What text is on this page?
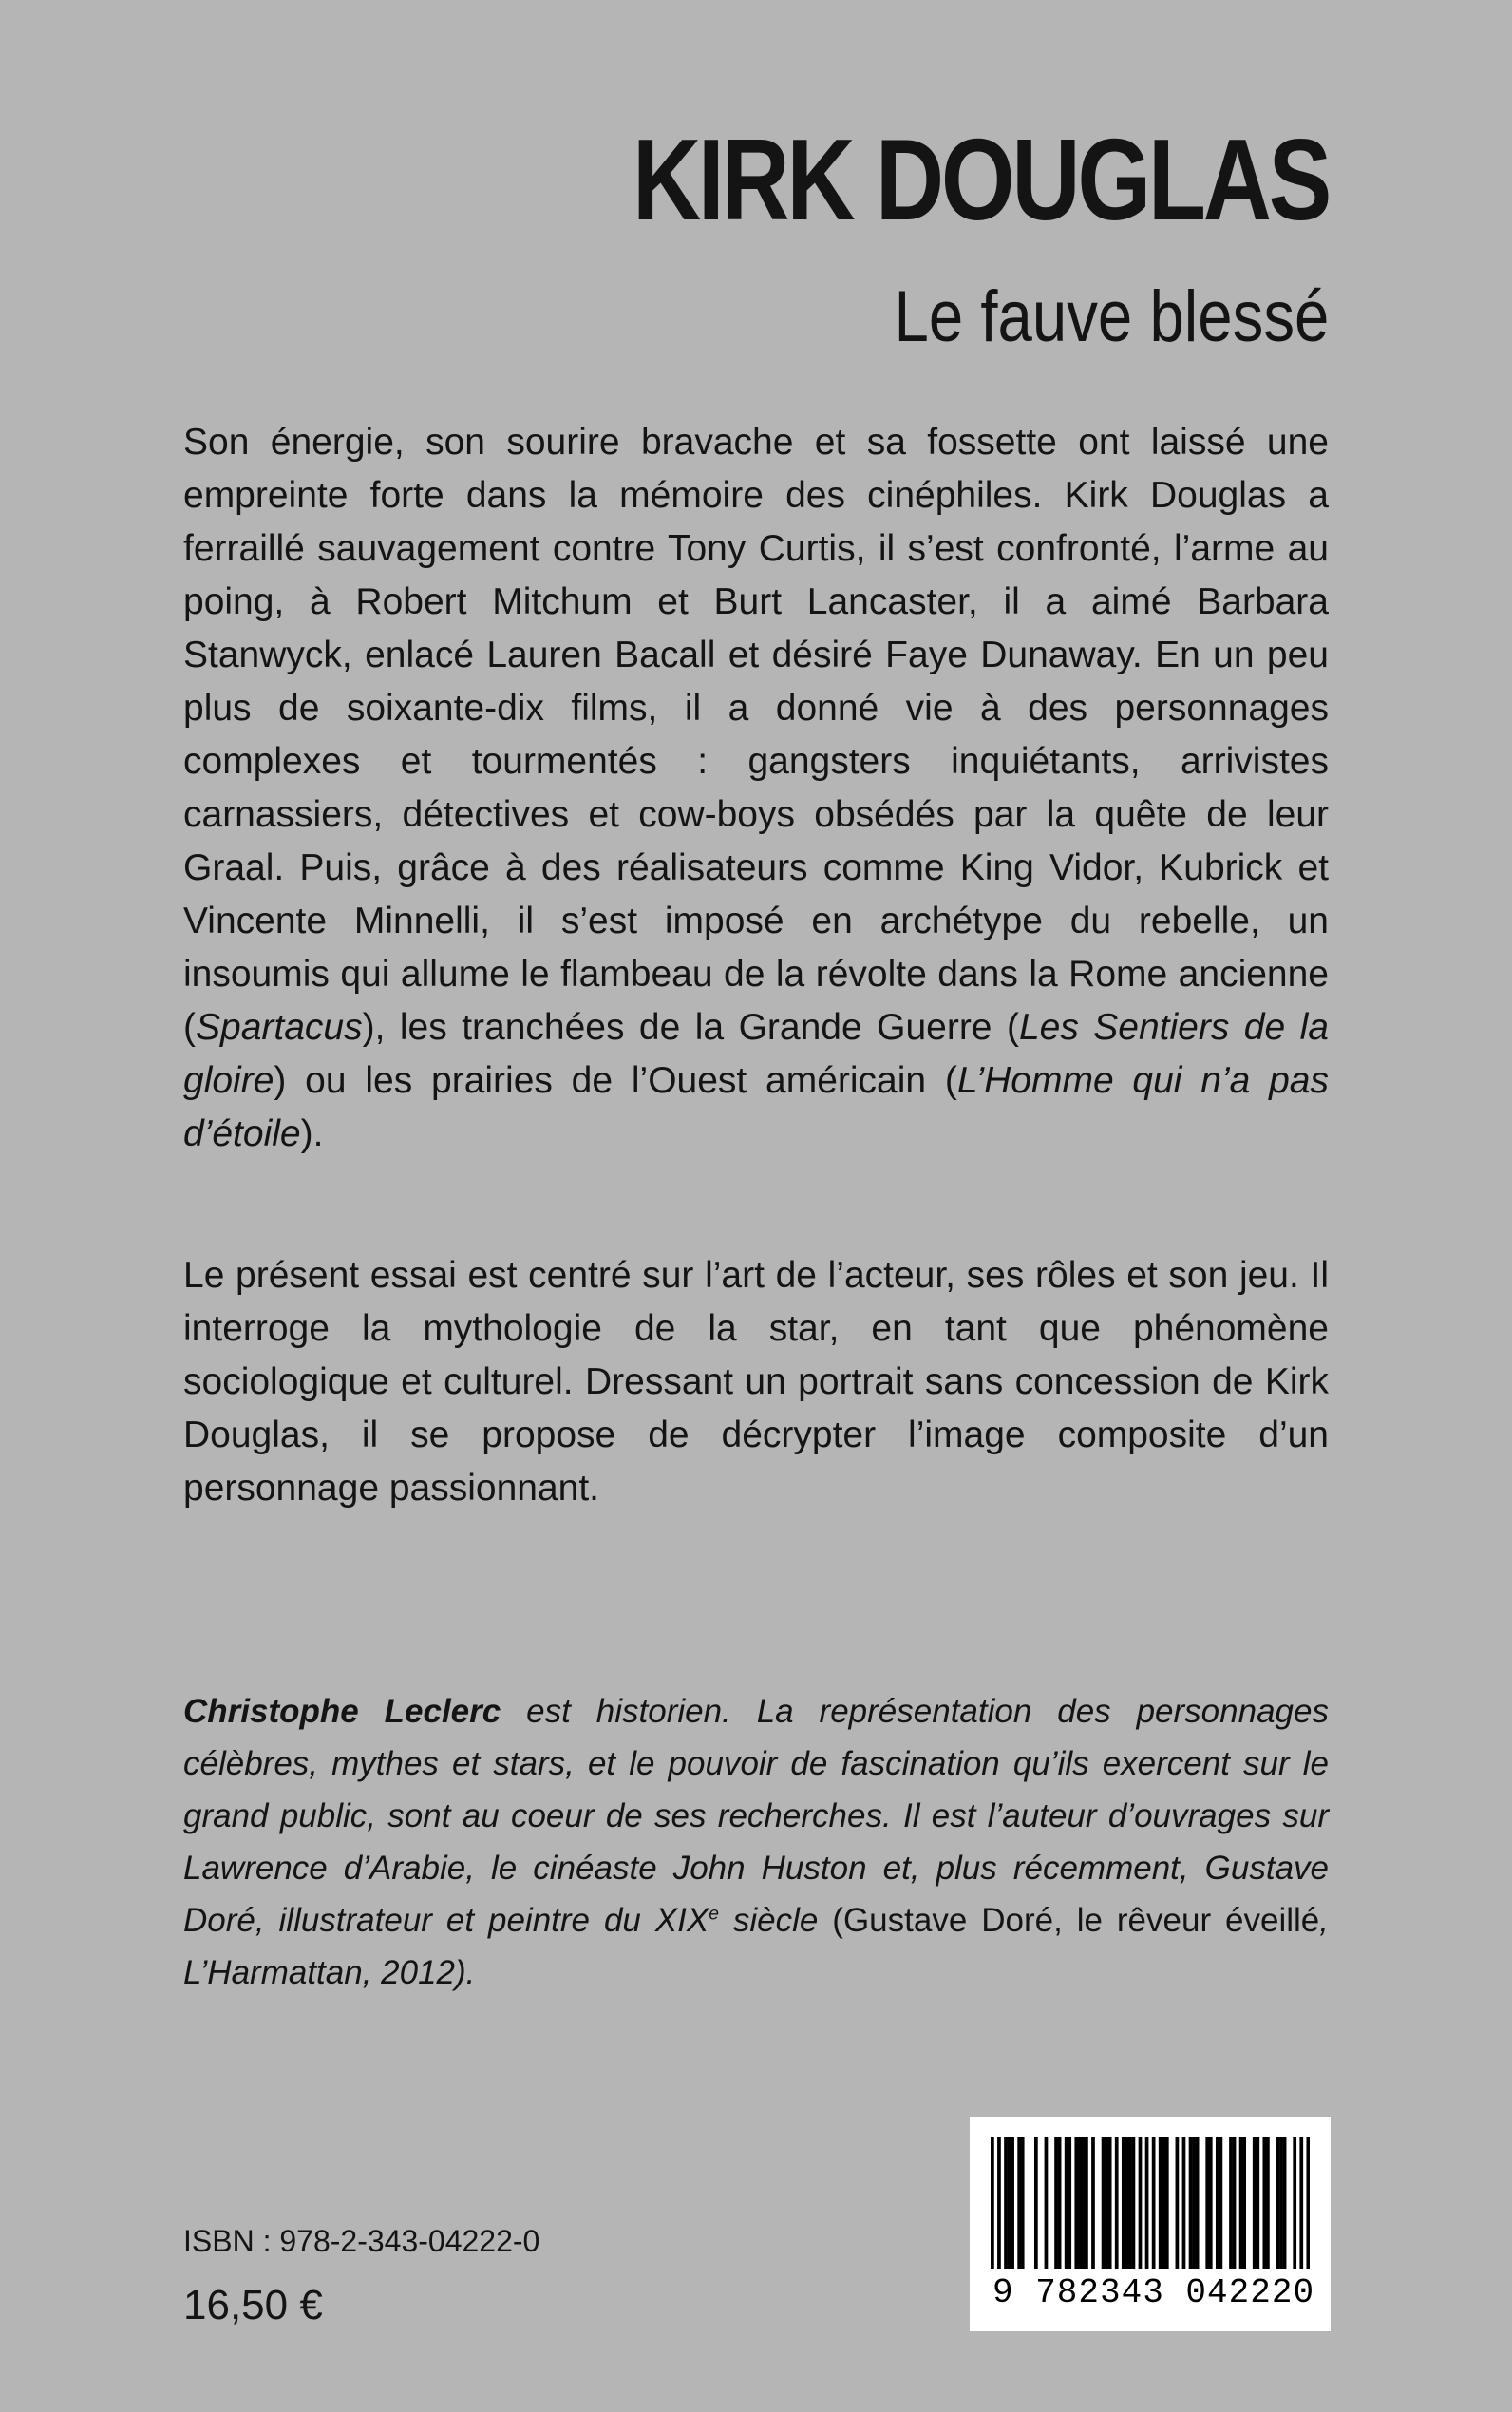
KIRK DOUGLAS
Le fauve blessé

Son énergie, son sourire bravache et sa fossette ont laissé une empreinte forte dans la mémoire des cinéphiles. Kirk Douglas a ferraillé sauvagement contre Tony Curtis, il s’est confronté, l’arme au poing, à Robert Mitchum et Burt Lancaster, il a aimé Barbara Stanwyck, enlacé Lauren Bacall et désiré Faye Dunaway. En un peu plus de soixante-dix films, il a donné vie à des personnages complexes et tourmentés : gangsters inquiétants, arrivistes carnassiers, détectives et cow-boys obsédés par la quête de leur Graal. Puis, grâce à des réalisateurs comme King Vidor, Kubrick et Vincente Minnelli, il s’est imposé en archétype du rebelle, un insoumis qui allume le flambeau de la révolte dans la Rome ancienne (Spartacus), les tranchées de la Grande Guerre (Les Sentiers de la gloire) ou les prairies de l’Ouest américain (L’Homme qui n’a pas d’étoile).

Le présent essai est centré sur l’art de l’acteur, ses rôles et son jeu. Il interroge la mythologie de la star, en tant que phénomène sociologique et culturel. Dressant un portrait sans concession de Kirk Douglas, il se propose de décrypter l’image composite d’un personnage passionnant.

Christophe Leclerc est historien. La représentation des personnages célèbres, mythes et stars, et le pouvoir de fascination qu’ils exercent sur le grand public, sont au coeur de ses recherches. Il est l’auteur d’ouvrages sur Lawrence d’Arabie, le cinéaste John Huston et, plus récemment, Gustave Doré, illustrateur et peintre du XIXe siècle (Gustave Doré, le rêveur éveillé, L’Harmattan, 2012).

ISBN : 978-2-343-04222-0
16,50 €	9 782343 042220
